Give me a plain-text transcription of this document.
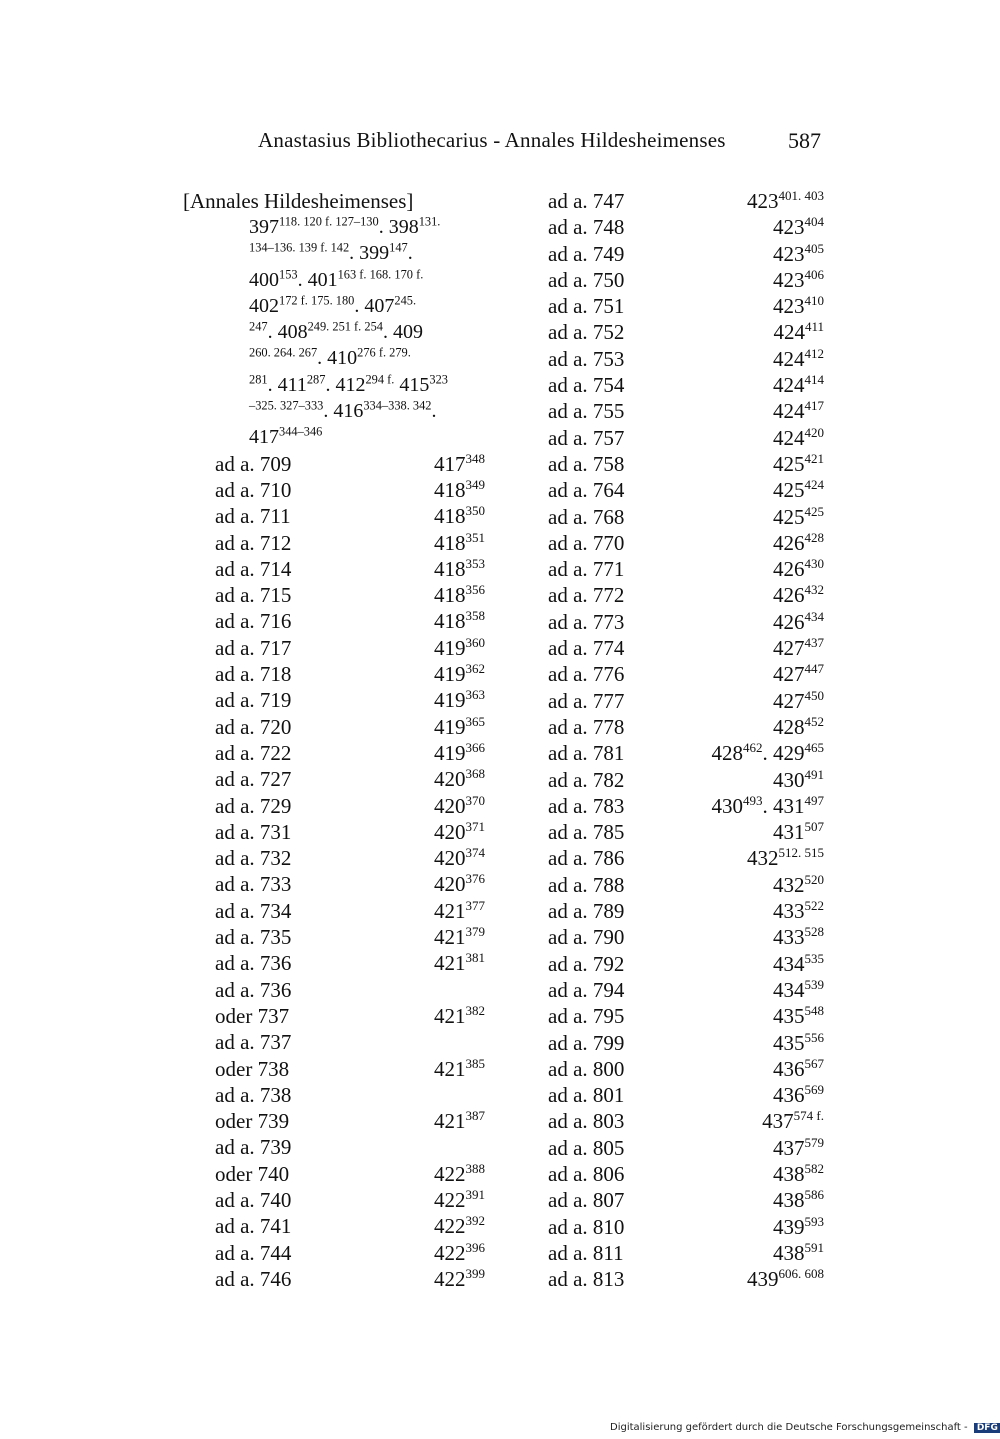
Anastasius Bibliothecarius - Annales Hildesheimenses	587
[Annales Hildesheimenses]
$397^{118. 120 f. 127-130}$. $398^{131.}$
$^{134-136. 139 f. 142}$. $399^{147}$.
$400^{153}$. $401^{163 f. 168. 170 f.}$
$402^{172 f. 175. 180}$. $407^{245.}$
$^{247}$. $408^{249. 251 f. 254}$. 409
$^{260. 264. 267}$. $410^{276 f. 279.}$
$^{281}$. $411^{287}$. $412^{294 f.}$ $415^{323}$
$^{-325. 327-333}$. $416^{334-338. 342}$.
417$^{344-346}$
ad a. 709	$417^{348}$
ad a. 710	$418^{349}$
ad a. 711	$418^{350}$
ad a. 712	$418^{351}$
ad a. 714	$418^{353}$
ad a. 715	$418^{356}$
ad a. 716	$418^{358}$
ad a. 717	$419^{360}$
ad a. 718	$419^{362}$
ad a. 719	$419^{363}$
ad a. 720	$419^{365}$
ad a. 722	$419^{366}$
ad a. 727	$420^{368}$
ad a. 729	$420^{370}$
ad a. 731	$420^{371}$
ad a. 732	$420^{374}$
ad a. 733	$420^{376}$
ad a. 734	$421^{377}$
ad a. 735	$421^{379}$
ad a. 736	$421^{381}$
ad a. 736
oder 737	$421^{382}$
ad a. 737
oder 738	$421^{385}$
ad a. 738
oder 739	$421^{387}$
ad a. 739
oder 740	$422^{388}$
ad a. 740	$422^{391}$
ad a. 741	$422^{392}$
ad a. 744	$422^{396}$
ad a. 746	$422^{399}$
ad a. 747	$423^{401. 403}$
ad a. 748	$423^{404}$
ad a. 749	$423^{405}$
ad a. 750	$423^{406}$
ad a. 751	$423^{410}$
ad a. 752	$424^{411}$
ad a. 753	$424^{412}$
ad a. 754	$424^{414}$
ad a. 755	$424^{417}$
ad a. 757	$424^{420}$
ad a. 758	$425^{421}$
ad a. 764	$425^{424}$
ad a. 768	$425^{425}$
ad a. 770	$426^{428}$
ad a. 771	$426^{430}$
ad a. 772	$426^{432}$
ad a. 773	$426^{434}$
ad a. 774	$427^{437}$
ad a. 776	$427^{447}$
ad a. 777	$427^{450}$
ad a. 778	$428^{452}$
ad a. 781	$428^{462}$. $429^{465}$
ad a. 782	$430^{491}$
ad a. 783	$430^{493}$. $431^{497}$
ad a. 785	$431^{507}$
ad a. 786	$432^{512. 515}$
ad a. 788	$432^{520}$
ad a. 789	$433^{522}$
ad a. 790	$433^{528}$
ad a. 792	$434^{535}$
ad a. 794	$434^{539}$
ad a. 795	$435^{548}$
ad a. 799	$435^{556}$
ad a. 800	$436^{567}$
ad a. 801	$436^{569}$
ad a. 803	$437^{574 f.}$
ad a. 805	$437^{579}$
ad a. 806	$438^{582}$
ad a. 807	$438^{586}$
ad a. 810	$439^{593}$
ad a. 811	$438^{591}$
ad a. 813	$439^{606. 608}$
Digitalisierung gefördert durch die Deutsche Forschungsgemeinschaft - DFG
